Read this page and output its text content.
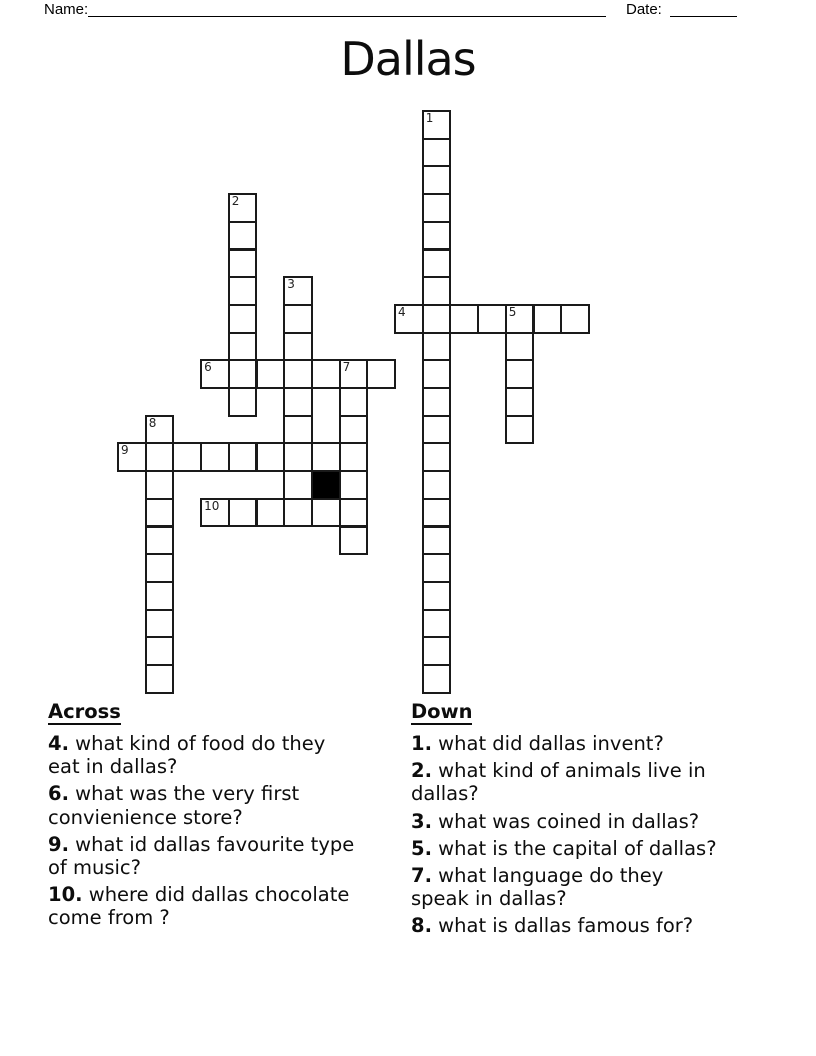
Name:	Date:
Dallas
1
2
3
4	5
6	7
8
9
10
Across
4. what kind of food do they
eat in dallas?
6. what was the very first
convienience store?
9. what id dallas favourite type
of music?
10. where did dallas chocolate
come from ?
Down
1. what did dallas invent?
2. what kind of animals live in
dallas?
3. what was coined in dallas?
5. what is the capital of dallas?
7. what language do they
speak in dallas?
8. what is dallas famous for?
